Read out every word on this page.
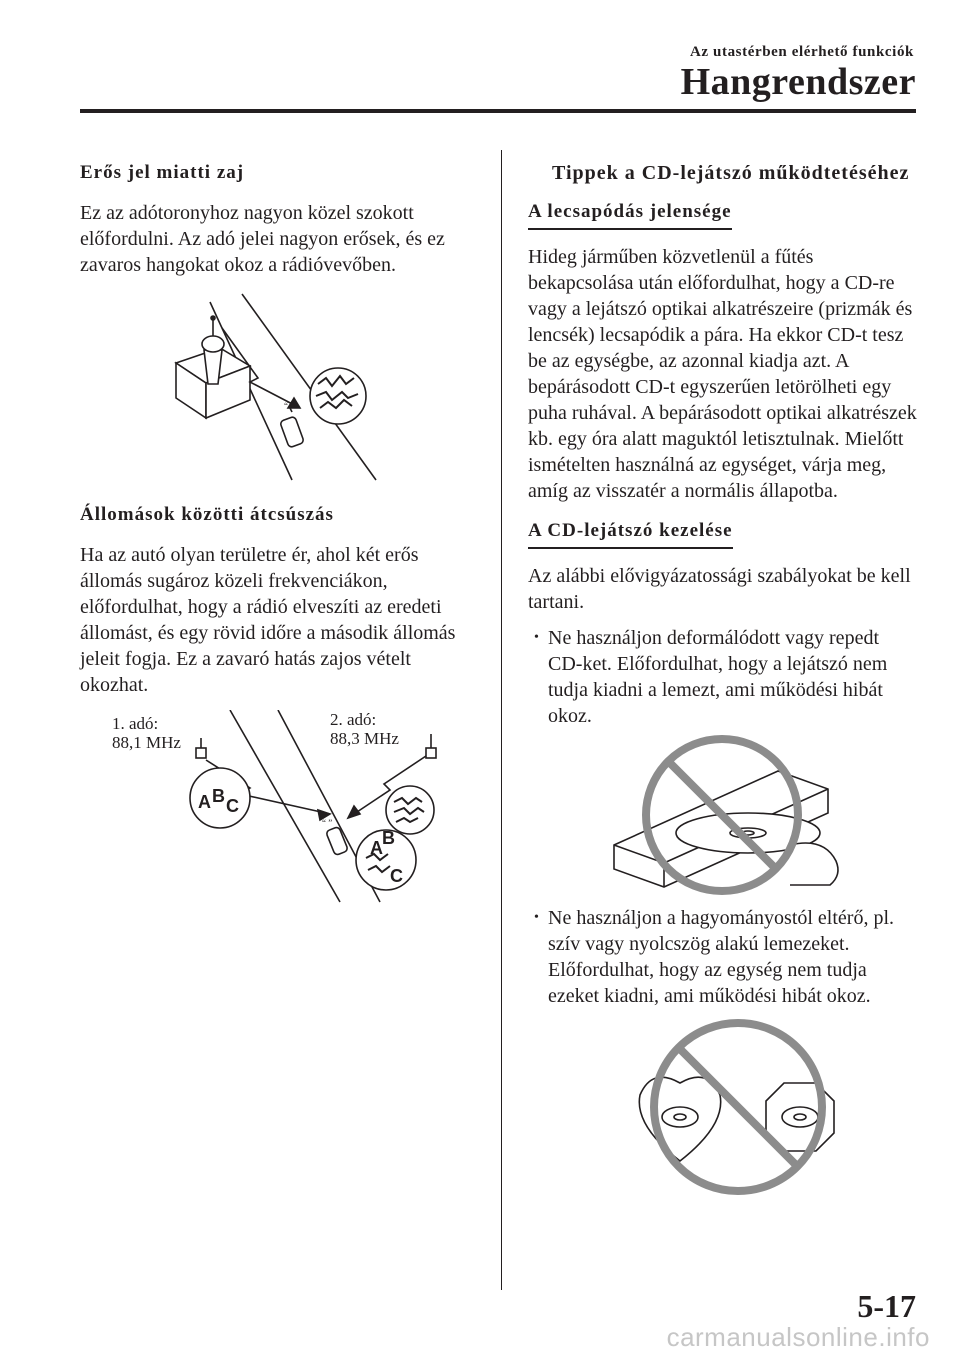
Az utastérben elérhető funkciók
Hangrendszer
Erős jel miatti zaj

Ez az adótoronyhoz nagyon közel szokott előfordulni. Az adó jelei nagyon erősek, és ez zavaros hangokat okoz a rádióvevőben.

“ ”
Állomások közötti átcsúszás

Ha az autó olyan területre ér, ahol két erős állomás sugároz közeli frekvenciákon, előfordulhat, hogy a rádió elveszíti az eredeti állomást, és egy rövid időre a második állomás jeleit fogja. Ez a zavaró hatás zajos vételt okozhat.

1. adó:
88,1 MHz
2. adó:
88,3 MHz
“ ”
A B C
A B
C
Tippek a CD-lejátszó működtetéséhez
A lecsapódás jelensége

Hideg járműben közvetlenül a fűtés bekapcsolása után előfordulhat, hogy a CD-re vagy a lejátszó optikai alkatrészeire (prizmák és lencsék) lecsapódik a pára. Ha ekkor CD-t tesz be az egységbe, az azonnal kiadja azt. A bepárásodott CD-t egyszerűen letörölheti egy puha ruhával. A bepárásodott optikai alkatrészek kb. egy óra alatt maguktól letisztulnak. Mielőtt ismételten használná az egységet, várja meg, amíg az visszatér a normális állapotba.

A CD-lejátszó kezelése

Az alábbi elővigyázatossági szabályokat be kell tartani.

• Ne használjon deformálódott vagy repedt CD-ket. Előfordulhat, hogy a lejátszó nem tudja kiadni a lemezt, ami működési hibát okoz.
• Ne használjon a hagyományostól eltérő, pl. szív vagy nyolcszög alakú lemezeket. Előfordulhat, hogy az egység nem tudja ezeket kiadni, ami működési hibát okoz.
5-17
carmanualsonline.info
